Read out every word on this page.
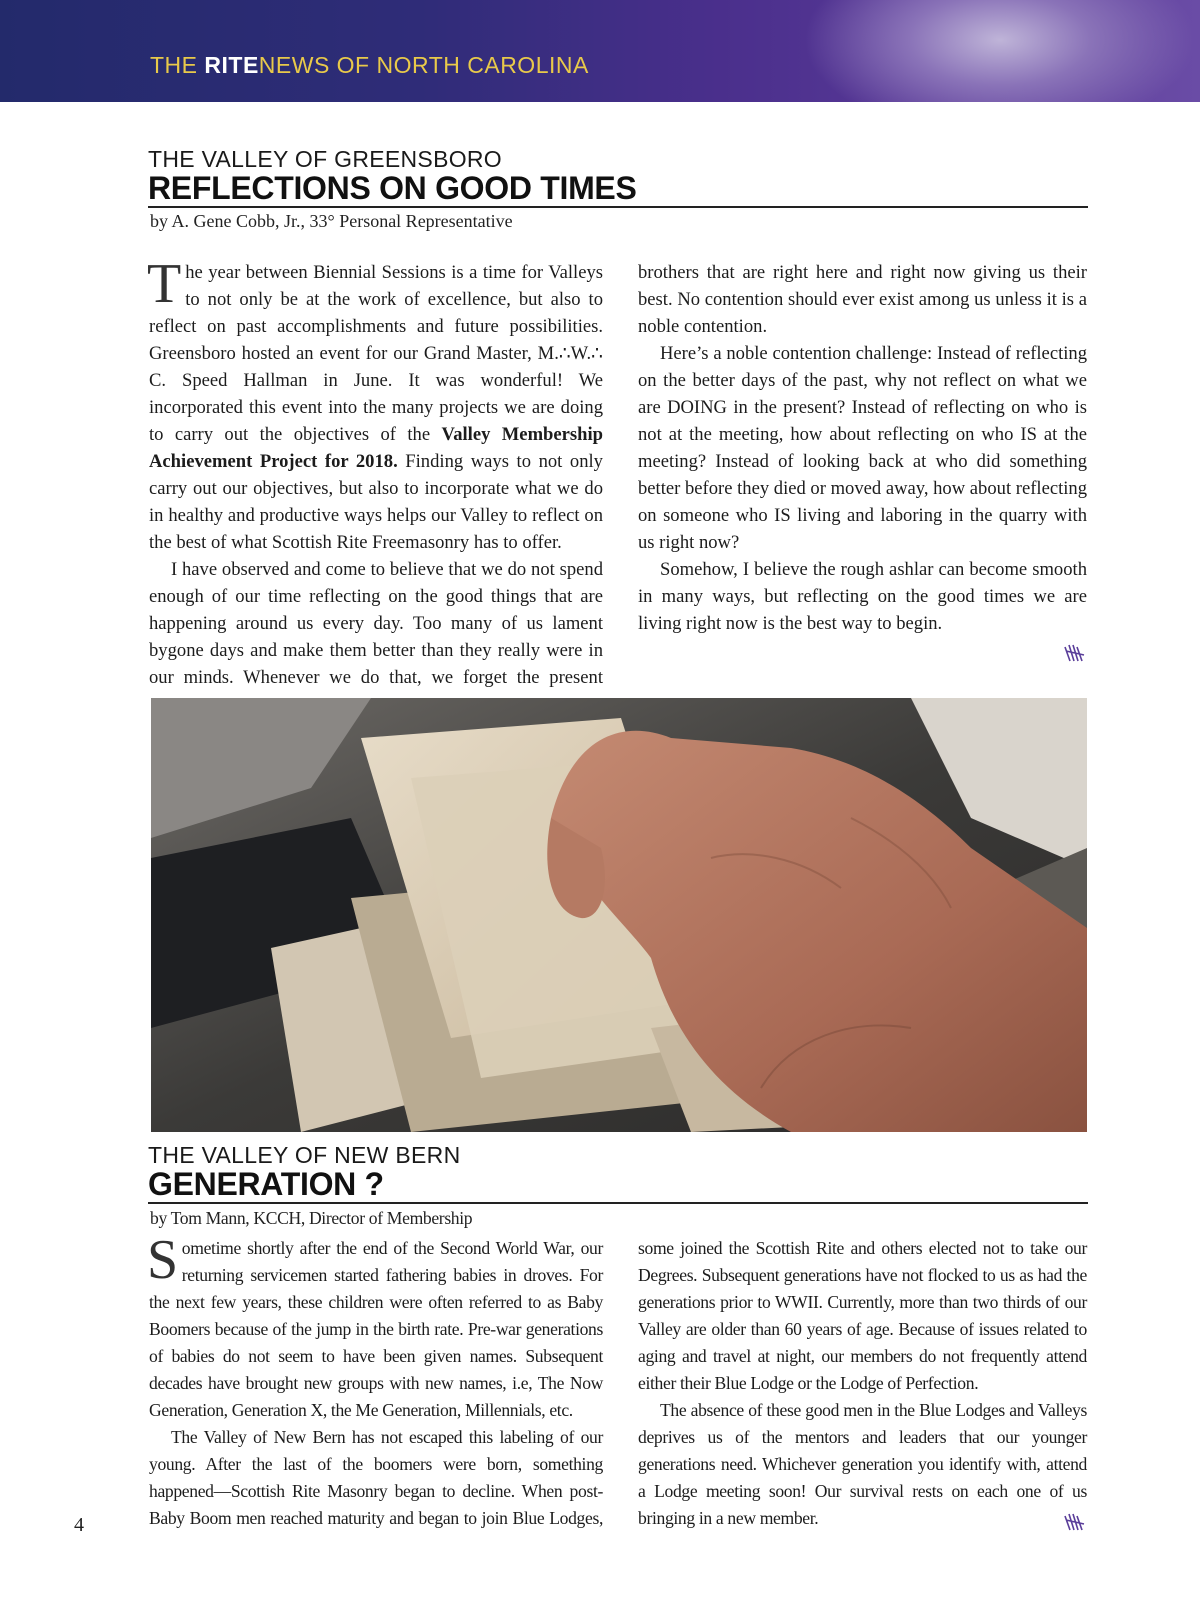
THE RITENEWS OF NORTH CAROLINA
THE VALLEY OF GREENSBORO
REFLECTIONS ON GOOD TIMES
by A. Gene Cobb, Jr., 33° Personal Representative

The year between Biennial Sessions is a time for Valleys to not only be at the work of excellence, but also to reflect on past accomplishments and future possibilities. Greensboro hosted an event for our Grand Master, M.∴W.∴ C. Speed Hallman in June. It was wonderful! We incorporated this event into the many projects we are doing to carry out the objectives of the Valley Membership Achievement Project for 2018. Finding ways to not only carry out our objectives, but also to incorporate what we do in healthy and productive ways helps our Valley to reflect on the best of what Scottish Rite Freemasonry has to offer.

I have observed and come to believe that we do not spend enough of our time reflecting on the good things that are happening around us every day. Too many of us lament bygone days and make them better than they really were in our minds. Whenever we do that, we forget the present

brothers that are right here and right now giving us their best. No contention should ever exist among us unless it is a noble contention.

Here’s a noble contention challenge: Instead of reflecting on the better days of the past, why not reflect on what we are DOING in the present? Instead of reflecting on who is not at the meeting, how about reflecting on who IS at the meeting? Instead of looking back at who did something better before they died or moved away, how about reflecting on someone who IS living and laboring in the quarry with us right now?

Somehow, I believe the rough ashlar can become smooth in many ways, but reflecting on the good times we are living right now is the best way to begin.

THE VALLEY OF NEW BERN
GENERATION ?
by Tom Mann, KCCH, Director of Membership

Sometime shortly after the end of the Second World War, our returning servicemen started fathering babies in droves. For the next few years, these children were often referred to as Baby Boomers because of the jump in the birth rate. Pre-war generations of babies do not seem to have been given names. Subsequent decades have brought new groups with new names, i.e, The Now Generation, Generation X, the Me Generation, Millennials, etc.

The Valley of New Bern has not escaped this labeling of our young. After the last of the boomers were born, something happened—Scottish Rite Masonry began to decline. When post-Baby Boom men reached maturity and began to join Blue Lodges,

some joined the Scottish Rite and others elected not to take our Degrees. Subsequent generations have not flocked to us as had the generations prior to WWII. Currently, more than two thirds of our Valley are older than 60 years of age. Because of issues related to aging and travel at night, our members do not frequently attend either their Blue Lodge or the Lodge of Perfection.

The absence of these good men in the Blue Lodges and Valleys deprives us of the mentors and leaders that our younger generations need. Whichever generation you identify with, attend a Lodge meeting soon! Our survival rests on each one of us bringing in a new member.

4
